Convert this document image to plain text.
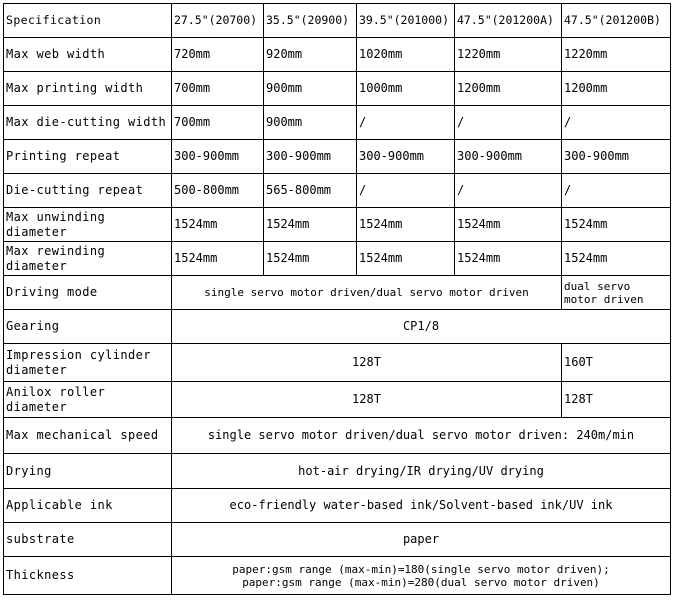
Specification	27.5"(20700)	35.5"(20900)	39.5"(201000)	47.5"(201200A)	47.5"(201200B)
Max web width	720mm	920mm	1020mm	1220mm	1220mm
Max printing width	700mm	900mm	1000mm	1200mm	1200mm
Max die-cutting width	700mm	900mm	/	/	/
Printing repeat	300-900mm	300-900mm	300-900mm	300-900mm	300-900mm
Die-cutting repeat	500-800mm	565-800mm	/	/	/
Max unwinding diameter	1524mm	1524mm	1524mm	1524mm	1524mm
Max rewinding diameter	1524mm	1524mm	1524mm	1524mm	1524mm
Driving mode	single servo motor driven/dual servo motor driven				dual servo motor driven
Gearing	CP1/8				
Impression cylinder diameter	128T				160T
Anilox roller diameter	128T				128T
Max mechanical speed	single servo motor driven/dual servo motor driven: 240m/min				
Drying	hot-air drying/IR drying/UV drying				
Applicable ink	eco-friendly water-based ink/Solvent-based ink/UV ink				
substrate	paper				
Thickness	paper:gsm range (max-min)=180(single servo motor driven);
paper:gsm range (max-min)=280(dual servo motor driven)				
